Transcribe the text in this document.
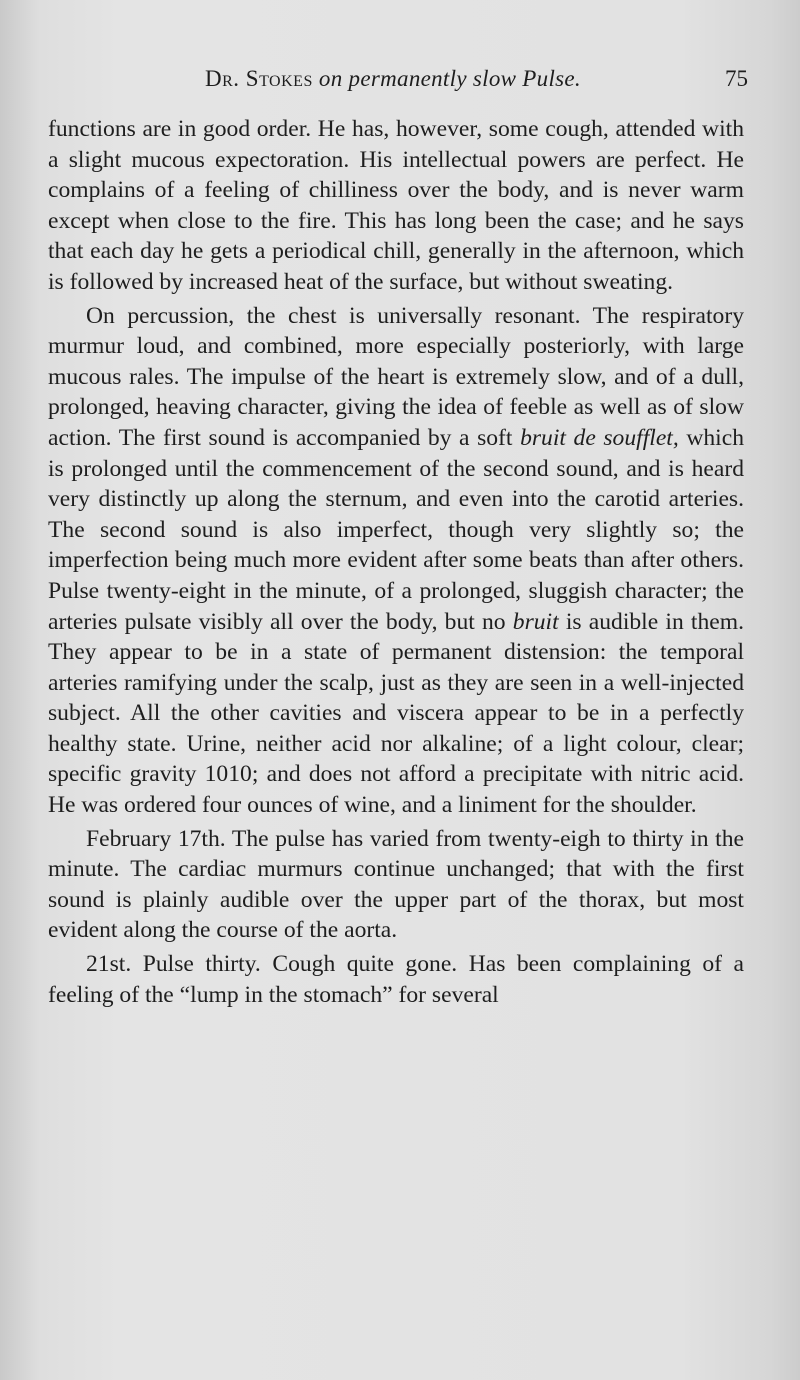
Dr. Stokes on permanently slow Pulse.	75

functions are in good order. He has, however, some cough, attended with a slight mucous expectoration. His intellectual powers are perfect. He complains of a feeling of chilliness over the body, and is never warm except when close to the fire. This has long been the case; and he says that each day he gets a periodical chill, generally in the afternoon, which is followed by increased heat of the surface, but without sweating.

On percussion, the chest is universally resonant. The respiratory murmur loud, and combined, more especially posteriorly, with large mucous rales. The impulse of the heart is extremely slow, and of a dull, prolonged, heaving character, giving the idea of feeble as well as of slow action. The first sound is accompanied by a soft bruit de soufflet, which is prolonged until the commencement of the second sound, and is heard very distinctly up along the sternum, and even into the carotid arteries. The second sound is also imperfect, though very slightly so; the imperfection being much more evident after some beats than after others. Pulse twenty-eight in the minute, of a prolonged, sluggish character; the arteries pulsate visibly all over the body, but no bruit is audible in them. They appear to be in a state of permanent distension: the temporal arteries ramifying under the scalp, just as they are seen in a well-injected subject. All the other cavities and viscera appear to be in a perfectly healthy state. Urine, neither acid nor alkaline; of a light colour, clear; specific gravity 1010; and does not afford a precipitate with nitric acid. He was ordered four ounces of wine, and a liniment for the shoulder.

February 17th. The pulse has varied from twenty-eigh to thirty in the minute. The cardiac murmurs continue unchanged; that with the first sound is plainly audible over the upper part of the thorax, but most evident along the course of the aorta.

21st. Pulse thirty. Cough quite gone. Has been complaining of a feeling of the “lump in the stomach” for several
